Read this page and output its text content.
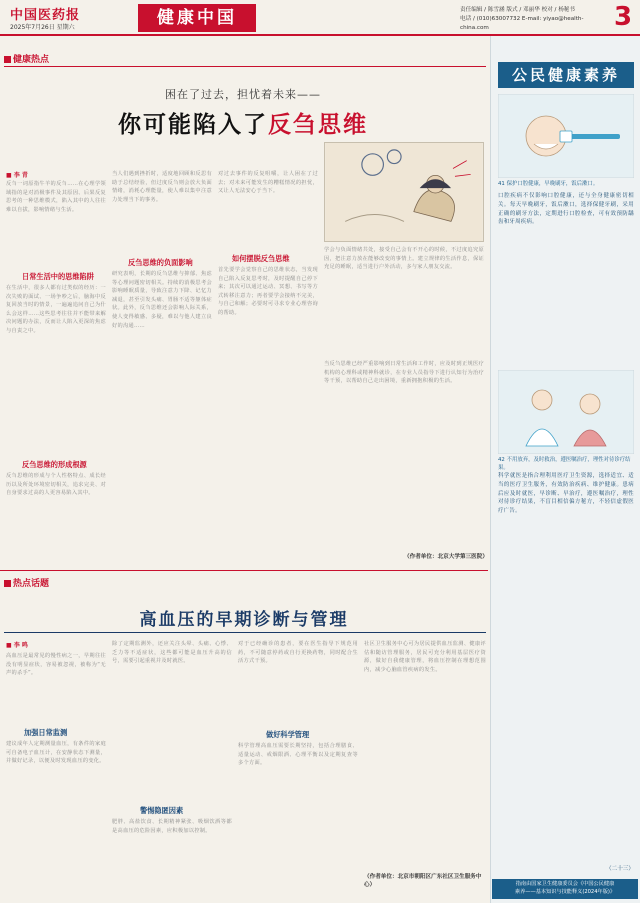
中国医药报
2025年7月26日 星期六	健康中国	责任编辑 / 陈雪涵 版式 / 邓丽华 校对 / 杨秘书
电话 / (010)63007732 E-mail: yiyao@health-china.com	3
健康热点
困在了过去，担忧着未来——
你可能陷入了反刍思维
■ 李 青
反刍一词原指牛羊的反刍……在心理学领域指的是对消极事件及其原因、后果反复思考的一种思维模式，陷入其中的人往往难以自拔，影响情绪与生活。
日常生活中的思维陷阱
在生活中，很多人都有过类似的经历：一次失败的面试、一场争吵之后，脑海中反复回放当时的情景，一遍遍追问自己为什么会这样……这些思考往往并不能带来解决问题的办法，反而让人陷入更深的焦虑与自责之中。
反刍思维的形成根源
反刍思维的形成与个人性格特点、成长经历以及所处环境密切相关，追求完美、对自身要求过高的人更容易陷入其中。
当人们遇到挫折时，适度地回顾和反思有助于总结经验，但过度反刍则会放大负面情绪，消耗心理能量，使人难以集中注意力处理当下的事务。
反刍思维的负面影响
研究表明，长期的反刍思维与抑郁、焦虑等心理问题密切相关。持续的消极思考会影响睡眠质量，导致注意力下降、记忆力减退，甚至引发头痛、胃肠不适等躯体症状。此外，反刍思维还会影响人际关系，使人变得敏感、多疑，难以与他人建立良好的沟通……
对过去事件的反复咀嚼，让人困在了过去；对未来可能发生的糟糕情况的担忧，又让人无法安心于当下。
如何摆脱反刍思维
首先要学会觉察自己的思维状态，当发现自己陷入反复思考时，及时提醒自己停下来；其次可以通过运动、冥想、书写等方式转移注意力；再者要学会接纳不完美，与自己和解；必要时可寻求专业心理咨询的帮助。
学会与负面情绪共处，接受自己会有不开心的时候，不过度追究原因，把注意力放在能够改变的事情上。建立规律的生活作息，保证充足的睡眠，适当进行户外活动，多与家人朋友交流。
当反刍思维已经严重影响到日常生活和工作时，应及时到正规医疗机构的心理科或精神科就诊，在专业人员指导下进行认知行为治疗等干预，以帮助自己走出困境，重新拥抱积极的生活。
（作者单位：北京大学第三医院）
热点话题
高血压的早期诊断与管理
■ 李 鸣
高血压是最常见的慢性病之一，早期往往没有明显症状，容易被忽视，被称为“无声的杀手”。
加强日常监测
建议成年人定期测量血压，有条件的家庭可自备电子血压计，在安静状态下测量，并做好记录，以便及时发现血压的变化。
除了定期监测外，还应关注头晕、头痛、心悸、乏力等不适症状，这些都可能是血压升高的信号，需要引起重视并及时就医。
警惕隐匿因素
肥胖、高盐饮食、长期精神紧张、吸烟饮酒等都是高血压的危险因素，应积极加以控制。
对于已经确诊的患者，要在医生指导下规范用药，不可随意停药或自行更换药物，同时配合生活方式干预。
做好科学管理
科学管理高血压需要长期坚持，包括合理膳食、适量运动、戒烟限酒、心理平衡以及定期复查等多个方面。
社区卫生服务中心可为居民提供血压监测、健康评估和随访管理服务，居民可充分利用基层医疗资源，做好自我健康管理，将血压控制在理想范围内，减少心脑血管疾病的发生。
（作者单位：北京市朝阳区广东社区卫生服务中心）
公民健康素养
41 保护口腔健康，早晚刷牙，饭后漱口。
口腔疾病不仅影响口腔健康，还与全身健康密切相关。每天早晚刷牙，饭后漱口，选择保健牙刷，采用正确的刷牙方法，定期进行口腔检查，可有效预防龋齿和牙周疾病。
42 不用放弃，及时救治，遵医嘱治疗，理性对待诊疗结果。
科学就医是指合理利用医疗卫生资源，选择适宜、适当的医疗卫生服务，有效防治疾病、维护健康。患病后应及时就医，早诊断、早治疗，遵医嘱治疗，理性对待诊疗结果，不盲目相信偏方秘方，不轻信虚假医疗广告。
（二十三）
指南由国家卫生健康委员会《中国公民健康
素养——基本知识与技能释义(2024年版)》
